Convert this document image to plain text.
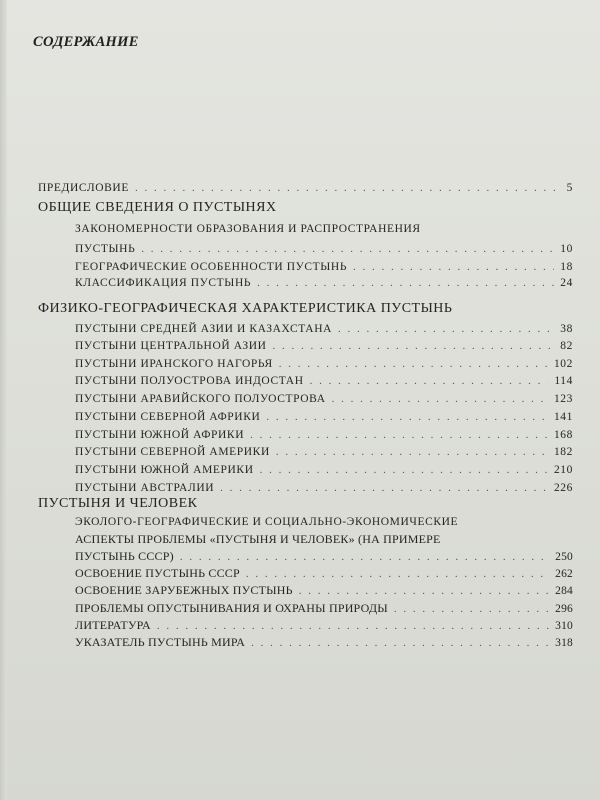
СОДЕРЖАНИЕ
ПРЕДИСЛОВИЕ . . .	5
ОБЩИЕ СВЕДЕНИЯ О ПУСТЫНЯХ
ЗАКОНОМЕРНОСТИ ОБРАЗОВАНИЯ И РАСПРОСТРАНЕНИЯ
ПУСТЫНЬ . . .	10
ГЕОГРАФИЧЕСКИЕ ОСОБЕННОСТИ ПУСТЫНЬ . . .	18
КЛАССИФИКАЦИЯ ПУСТЫНЬ . . .	24
ФИЗИКО-ГЕОГРАФИЧЕСКАЯ ХАРАКТЕРИСТИКА ПУСТЫНЬ
ПУСТЫНИ СРЕДНЕЙ АЗИИ И КАЗАХСТАНА . . .	38
ПУСТЫНИ ЦЕНТРАЛЬНОЙ АЗИИ . . .	82
ПУСТЫНИ ИРАНСКОГО НАГОРЬЯ . . .	102
ПУСТЫНИ ПОЛУОСТРОВА ИНДОСТАН . . .	114
ПУСТЫНИ АРАВИЙСКОГО ПОЛУОСТРОВА . . .	123
ПУСТЫНИ СЕВЕРНОЙ АФРИКИ . . .	141
ПУСТЫНИ ЮЖНОЙ АФРИКИ . . .	168
ПУСТЫНИ СЕВЕРНОЙ АМЕРИКИ . . .	182
ПУСТЫНИ ЮЖНОЙ АМЕРИКИ . . .	210
ПУСТЫНИ АВСТРАЛИИ . . .	226
ПУСТЫНЯ И ЧЕЛОВЕК
ЭКОЛОГО-ГЕОГРАФИЧЕСКИЕ И СОЦИАЛЬНО-ЭКОНОМИЧЕСКИЕ
АСПЕКТЫ ПРОБЛЕМЫ «ПУСТЫНЯ И ЧЕЛОВЕК» (НА ПРИМЕРЕ
ПУСТЫНЬ СССР) . . .	250
ОСВОЕНИЕ ПУСТЫНЬ СССР . . .	262
ОСВОЕНИЕ ЗАРУБЕЖНЫХ ПУСТЫНЬ . . .	284
ПРОБЛЕМЫ ОПУСТЫНИВАНИЯ И ОХРАНЫ ПРИРОДЫ . . .	296
ЛИТЕРАТУРА . . .	310
УКАЗАТЕЛЬ ПУСТЫНЬ МИРА . . .	318
